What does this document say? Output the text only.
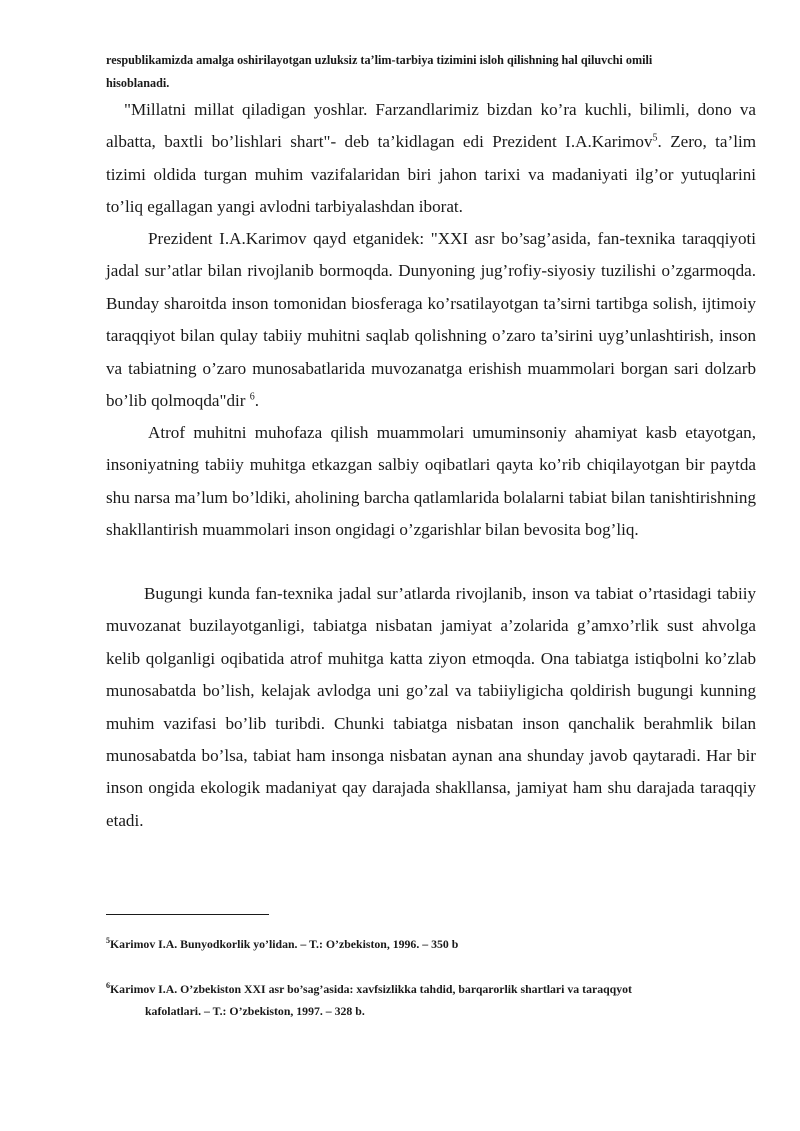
respublikamizda amalga oshirilayotgan uzluksiz ta’lim-tarbiya tizimini isloh qilishning hal qiluvchi omili
hisoblanadi.

"Millatni millat qiladigan yoshlar. Farzandlarimiz bizdan ko’ra kuchli, bilimli, dono va albatta, baxtli bo’lishlari shart"- deb ta’kidlagan edi Prezident I.A.Karimov$^5$. Zero, ta’lim tizimi oldida turgan muhim vazifalaridan biri jahon tarixi va madaniyati ilg’or yutuqlarini to’liq egallagan yangi avlodni tarbiyalashdan iborat.

Prezident I.A.Karimov qayd etganidek: "XXI asr bo’sag’asida, fan-texnika taraqqiyoti jadal sur’atlar bilan rivojlanib bormoqda. Dunyoning jug’rofiy-siyosiy tuzilishi o’zgarmoqda. Bunday sharoitda inson tomonidan biosferaga ko’rsatilayotgan ta’sirni tartibga solish, ijtimoiy taraqqiyot bilan qulay tabiiy muhitni saqlab qolishning o’zaro ta’sirini uyg’unlashtirish, inson va tabiatning o’zaro munosabatlarida muvozanatga erishish muammolari borgan sari dolzarb bo’lib qolmoqda"dir $^6$.

Atrof muhitni muhofaza qilish muammolari umuminsoniy ahamiyat kasb etayotgan, insoniyatning tabiiy muhitga etkazgan salbiy oqibatlari qayta ko’rib chiqilayotgan bir paytda shu narsa ma’lum bo’ldiki, aholining barcha qatlamlarida bolalarni tabiat bilan tanishtirishning shakllantirish muammolari inson ongidagi o’zgarishlar bilan bevosita bog’liq.

Bugungi kunda fan-texnika jadal sur’atlarda rivojlanib, inson va tabiat o’rtasidagi tabiiy muvozanat buzilayotganligi, tabiatga nisbatan jamiyat a’zolarida g’amxo’rlik sust ahvolga kelib qolganligi oqibatida atrof muhitga katta ziyon etmoqda. Ona tabiatga istiqbolni ko’zlab munosabatda bo’lish, kelajak avlodga uni go’zal va tabiiyligicha qoldirish bugungi kunning muhim vazifasi bo’lib turibdi. Chunki tabiatga nisbatan inson qanchalik berahmlik bilan munosabatda bo’lsa, tabiat ham insonga nisbatan aynan ana shunday javob qaytaradi. Har bir inson ongida ekologik madaniyat qay darajada shakllansa, jamiyat ham shu darajada taraqqiy etadi.

$^5$Karimov I.A. Bunyodkorlik yo’lidan. – T.: O’zbekiston, 1996. – 350 b
$^6$Karimov I.A. O’zbekiston XXI asr bo’sag’asida: xavfsizlikka tahdid, barqarorlik shartlari va taraqqyot
kafolatlari. – T.: O’zbekiston, 1997. – 328 b.
